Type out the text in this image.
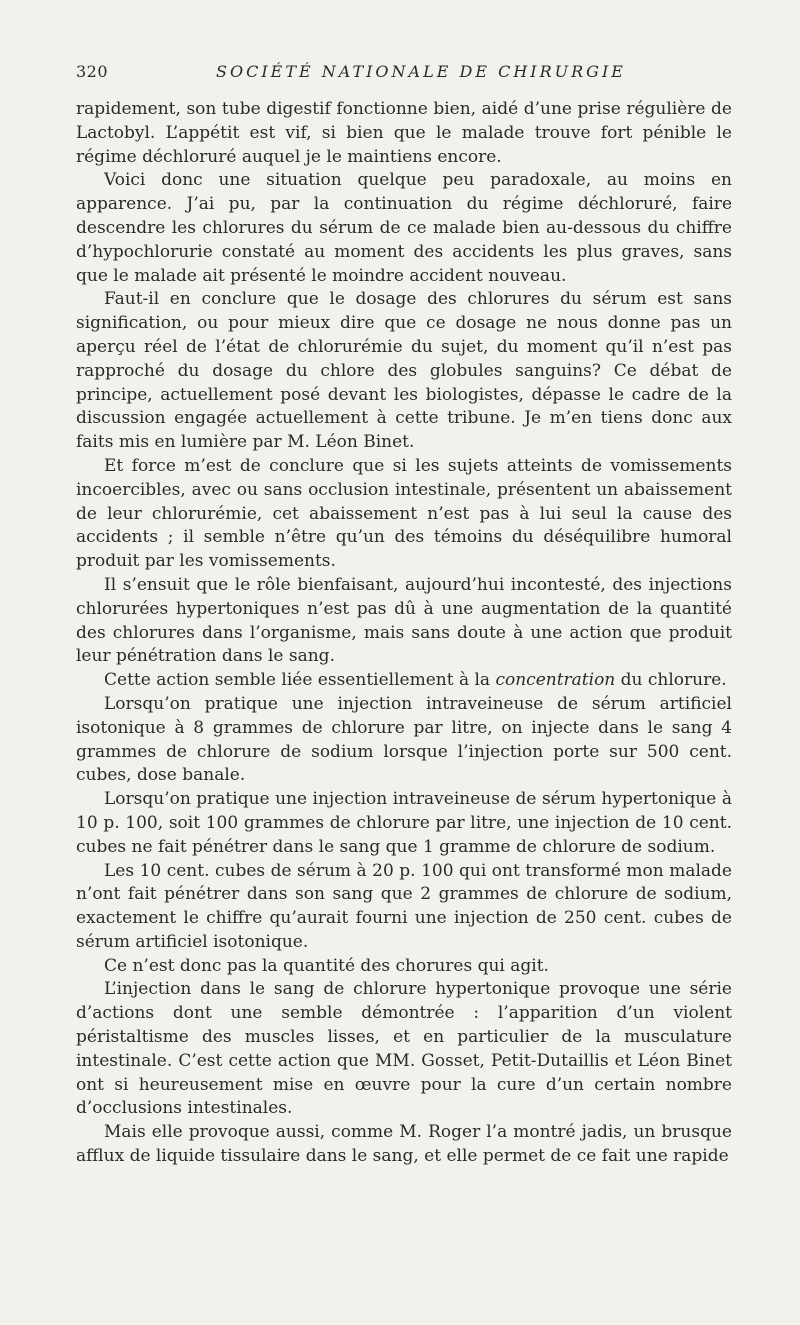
320	SOCIÉTÉ NATIONALE DE CHIRURGIE

rapidement, son tube digestif fonctionne bien, aidé d’une prise régulière de Lactobyl. L’appétit est vif, si bien que le malade trouve fort pénible le régime déchloruré auquel je le maintiens encore.

Voici donc une situation quelque peu paradoxale, au moins en apparence. J’ai pu, par la continuation du régime déchloruré, faire descendre les chlorures du sérum de ce malade bien au-dessous du chiffre d’hypochlorurie constaté au moment des accidents les plus graves, sans que le malade ait présenté le moindre accident nouveau.

Faut-il en conclure que le dosage des chlorures du sérum est sans signification, ou pour mieux dire que ce dosage ne nous donne pas un aperçu réel de l’état de chlorurémie du sujet, du moment qu’il n’est pas rapproché du dosage du chlore des globules sanguins? Ce débat de principe, actuellement posé devant les biologistes, dépasse le cadre de la discussion engagée actuellement à cette tribune. Je m’en tiens donc aux faits mis en lumière par M. Léon Binet.

Et force m’est de conclure que si les sujets atteints de vomissements incoercibles, avec ou sans occlusion intestinale, présentent un abaissement de leur chlorurémie, cet abaissement n’est pas à lui seul la cause des accidents ; il semble n’être qu’un des témoins du déséquilibre humoral produit par les vomissements.

Il s’ensuit que le rôle bienfaisant, aujourd’hui incontesté, des injections chlorurées hypertoniques n’est pas dû à une augmentation de la quantité des chlorures dans l’organisme, mais sans doute à une action que produit leur pénétration dans le sang.

Cette action semble liée essentiellement à la concentration du chlorure.

Lorsqu’on pratique une injection intraveineuse de sérum artificiel isotonique à 8 grammes de chlorure par litre, on injecte dans le sang 4 grammes de chlorure de sodium lorsque l’injection porte sur 500 cent. cubes, dose banale.

Lorsqu’on pratique une injection intraveineuse de sérum hypertonique à 10 p. 100, soit 100 grammes de chlorure par litre, une injection de 10 cent. cubes ne fait pénétrer dans le sang que 1 gramme de chlorure de sodium.

Les 10 cent. cubes de sérum à 20 p. 100 qui ont transformé mon malade n’ont fait pénétrer dans son sang que 2 grammes de chlorure de sodium, exactement le chiffre qu’aurait fourni une injection de 250 cent. cubes de sérum artificiel isotonique.

Ce n’est donc pas la quantité des chorures qui agit.

L’injection dans le sang de chlorure hypertonique provoque une série d’actions dont une semble démontrée : l’apparition d’un violent péristaltisme des muscles lisses, et en particulier de la musculature intestinale. C’est cette action que MM. Gosset, Petit-Dutaillis et Léon Binet ont si heureusement mise en œuvre pour la cure d’un certain nombre d’occlusions intestinales.

Mais elle provoque aussi, comme M. Roger l’a montré jadis, un brusque afflux de liquide tissulaire dans le sang, et elle permet de ce fait une rapide
